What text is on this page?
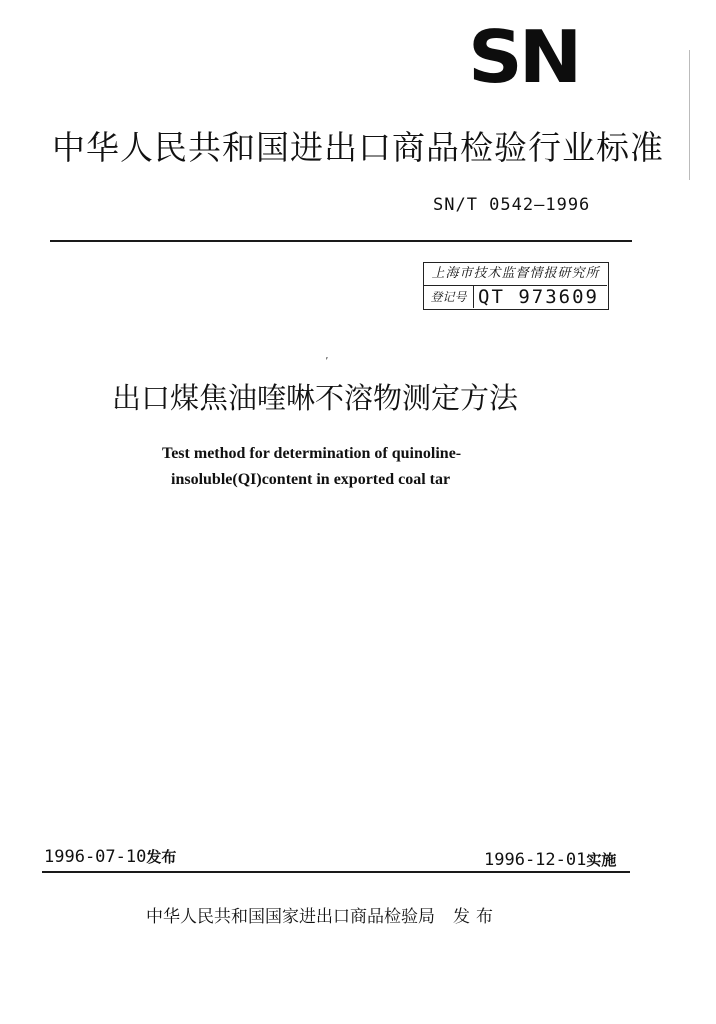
SN
中华人民共和国进出口商品检验行业标准
SN/T 0542—1996
上海市技术监督情报研究所
登记号 QT 973609
ʼ
出口煤焦油喹啉不溶物测定方法
Test method for determination of quinoline-
insoluble(QI)content in exported coal tar
1996-07-10发布	1996-12-01实施
中华人民共和国国家进出口商品检验局 发布
